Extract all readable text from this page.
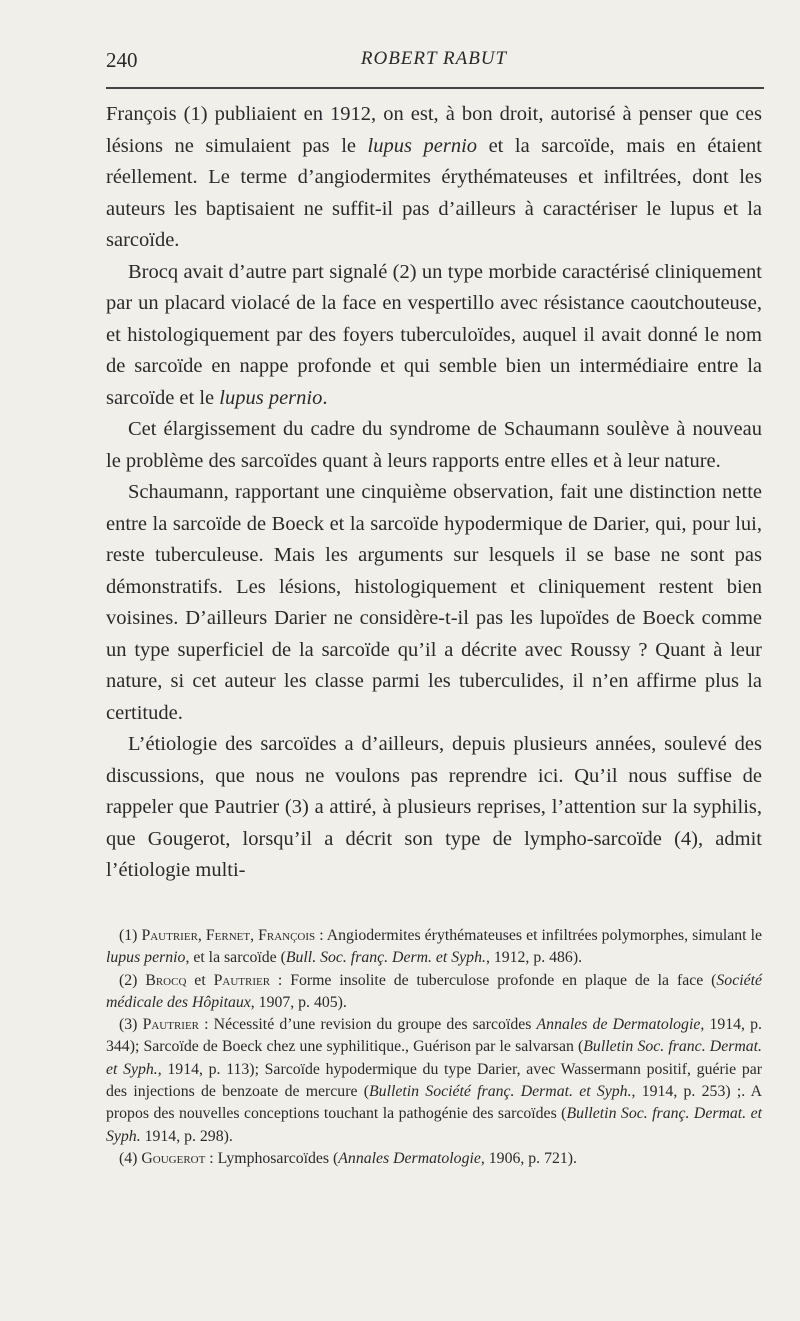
240	ROBERT RABUT

François (1) publiaient en 1912, on est, à bon droit, autorisé à penser que ces lésions ne simulaient pas le lupus pernio et la sarcoïde, mais en étaient réellement. Le terme d’angiodermites érythémateuses et infiltrées, dont les auteurs les baptisaient ne suffit-il pas d’ailleurs à caractériser le lupus et la sarcoïde.

Brocq avait d’autre part signalé (2) un type morbide caractérisé cliniquement par un placard violacé de la face en vespertillo avec résistance caoutchouteuse, et histologiquement par des foyers tuberculoïdes, auquel il avait donné le nom de sarcoïde en nappe profonde et qui semble bien un intermédiaire entre la sarcoïde et le lupus pernio.

Cet élargissement du cadre du syndrome de Schaumann soulève à nouveau le problème des sarcoïdes quant à leurs rapports entre elles et à leur nature.

Schaumann, rapportant une cinquième observation, fait une distinction nette entre la sarcoïde de Boeck et la sarcoïde hypodermique de Darier, qui, pour lui, reste tuberculeuse. Mais les arguments sur lesquels il se base ne sont pas démonstratifs. Les lésions, histologiquement et cliniquement restent bien voisines. D’ailleurs Darier ne considère-t-il pas les lupoïdes de Boeck comme un type superficiel de la sarcoïde qu’il a décrite avec Roussy ? Quant à leur nature, si cet auteur les classe parmi les tuberculides, il n’en affirme plus la certitude.

L’étiologie des sarcoïdes a d’ailleurs, depuis plusieurs années, soulevé des discussions, que nous ne voulons pas reprendre ici. Qu’il nous suffise de rappeler que Pautrier (3) a attiré, à plusieurs reprises, l’attention sur la syphilis, que Gougerot, lorsqu’il a décrit son type de lympho-sarcoïde (4), admit l’étiologie multi-

(1) Pautrier, Fernet, François : Angiodermites érythémateuses et infiltrées polymorphes, simulant le lupus pernio, et la sarcoïde (Bull. Soc. franç. Derm. et Syph., 1912, p. 486).

(2) Brocq et Pautrier : Forme insolite de tuberculose profonde en plaque de la face (Société médicale des Hôpitaux, 1907, p. 405).

(3) Pautrier : Nécessité d’une revision du groupe des sarcoïdes Annales de Dermatologie, 1914, p. 344); Sarcoïde de Boeck chez une syphilitique., Guérison par le salvarsan (Bulletin Soc. franc. Dermat. et Syph., 1914, p. 113); Sarcoïde hypodermique du type Darier, avec Wassermann positif, guérie par des injections de benzoate de mercure (Bulletin Société franç. Dermat. et Syph., 1914, p. 253) ;. A propos des nouvelles conceptions touchant la pathogénie des sarcoïdes (Bulletin Soc. franç. Dermat. et Syph. 1914, p. 298).

(4) Gougerot : Lymphosarcoïdes (Annales Dermatologie, 1906, p. 721).
